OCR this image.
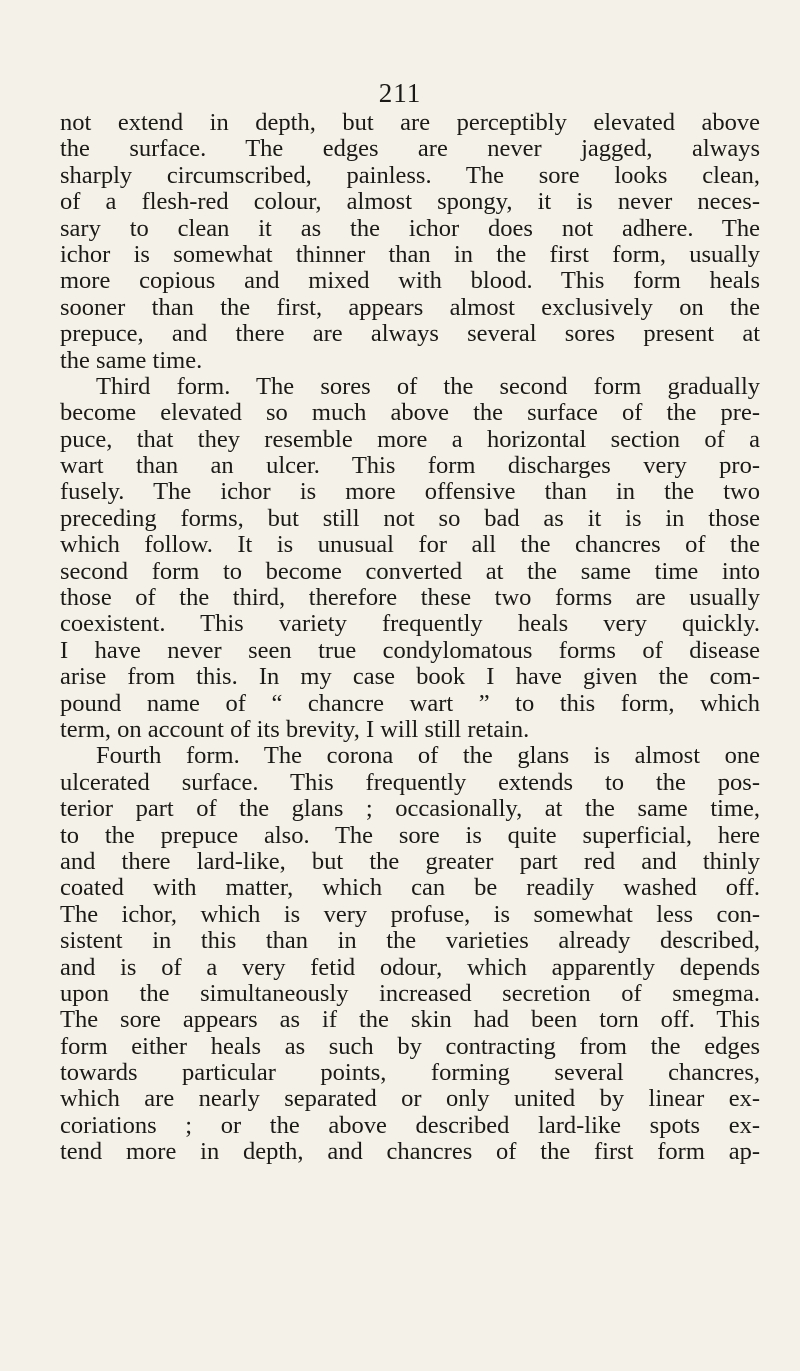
211
not extend in depth, but are perceptibly elevated above
the surface. The edges are never jagged, always
sharply circumscribed, painless. The sore looks clean,
of a flesh-red colour, almost spongy, it is never neces-
sary to clean it as the ichor does not adhere. The
ichor is somewhat thinner than in the first form, usually
more copious and mixed with blood. This form heals
sooner than the first, appears almost exclusively on the
prepuce, and there are always several sores present at
the same time.
Third form. The sores of the second form gradually
become elevated so much above the surface of the pre-
puce, that they resemble more a horizontal section of a
wart than an ulcer. This form discharges very pro-
fusely. The ichor is more offensive than in the two
preceding forms, but still not so bad as it is in those
which follow. It is unusual for all the chancres of the
second form to become converted at the same time into
those of the third, therefore these two forms are usually
coexistent. This variety frequently heals very quickly.
I have never seen true condylomatous forms of disease
arise from this. In my case book I have given the com-
pound name of “ chancre wart ” to this form, which
term, on account of its brevity, I will still retain.
Fourth form. The corona of the glans is almost one
ulcerated surface. This frequently extends to the pos-
terior part of the glans ; occasionally, at the same time,
to the prepuce also. The sore is quite superficial, here
and there lard-like, but the greater part red and thinly
coated with matter, which can be readily washed off.
The ichor, which is very profuse, is somewhat less con-
sistent in this than in the varieties already described,
and is of a very fetid odour, which apparently depends
upon the simultaneously increased secretion of smegma.
The sore appears as if the skin had been torn off. This
form either heals as such by contracting from the edges
towards particular points, forming several chancres,
which are nearly separated or only united by linear ex-
coriations ; or the above described lard-like spots ex-
tend more in depth, and chancres of the first form ap-
